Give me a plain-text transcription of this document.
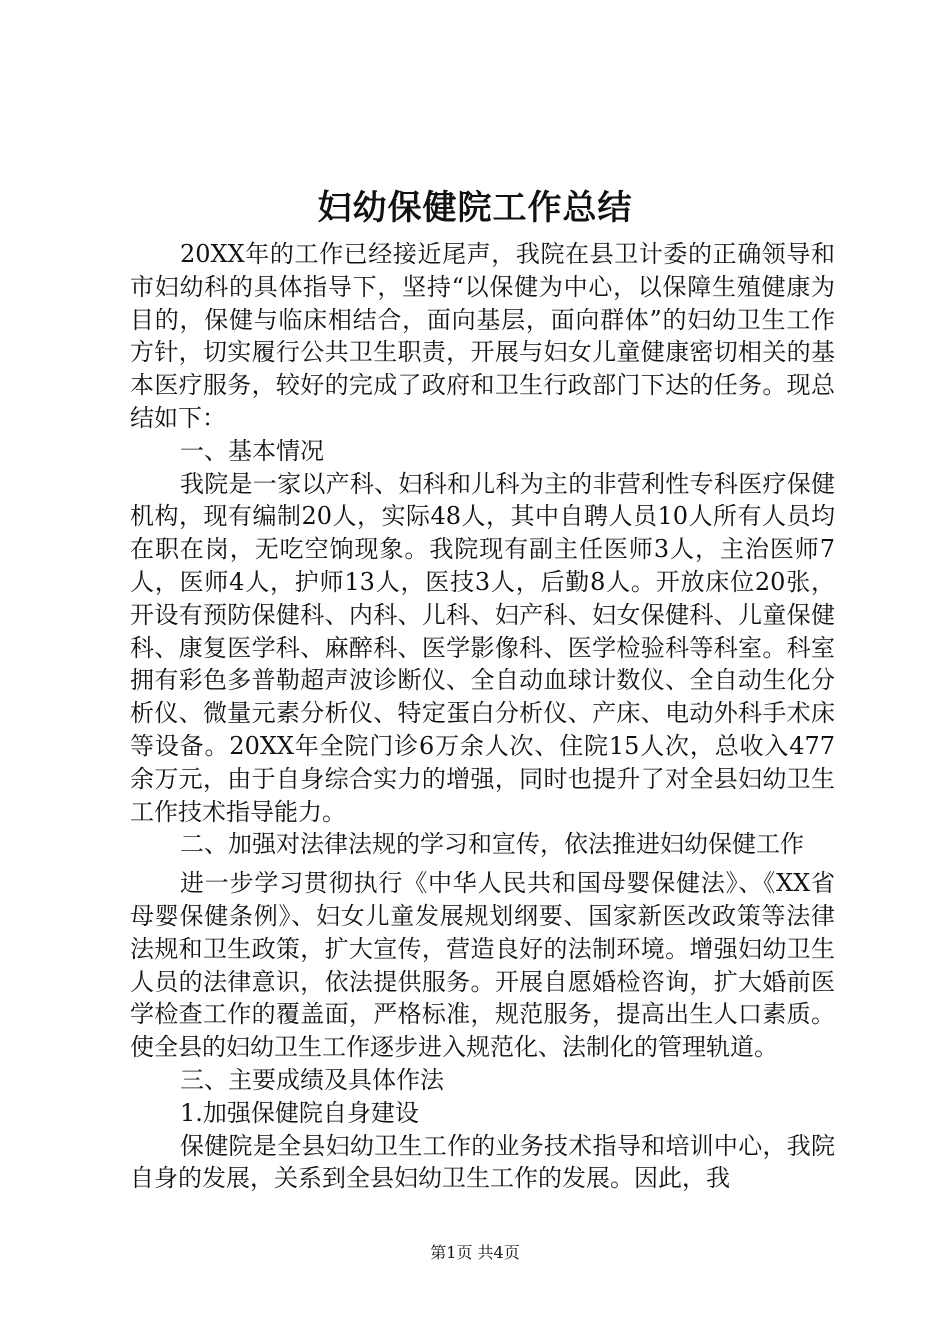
妇幼保健院工作总结

20XX年的工作已经接近尾声，我院在县卫计委的正确领导和市妇幼科的具体指导下，坚持“以保健为中心，以保障生殖健康为目的，保健与临床相结合，面向基层，面向群体”的妇幼卫生工作方针，切实履行公共卫生职责，开展与妇女儿童健康密切相关的基本医疗服务，较好的完成了政府和卫生行政部门下达的任务。现总结如下：

一、基本情况

我院是一家以产科、妇科和儿科为主的非营利性专科医疗保健机构，现有编制20人，实际48人，其中自聘人员10人所有人员均在职在岗，无吃空饷现象。我院现有副主任医师3人，主治医师7人，医师4人，护师13人，医技3人，后勤8人。开放床位20张，开设有预防保健科、内科、儿科、妇产科、妇女保健科、儿童保健科、康复医学科、麻醉科、医学影像科、医学检验科等科室。科室拥有彩色多普勒超声波诊断仪、全自动血球计数仪、全自动生化分析仪、微量元素分析仪、特定蛋白分析仪、产床、电动外科手术床等设备。20XX年全院门诊6万余人次、住院15人次，总收入477余万元，由于自身综合实力的增强，同时也提升了对全县妇幼卫生工作技术指导能力。

二、加强对法律法规的学习和宣传，依法推进妇幼保健工作

进一步学习贯彻执行《中华人民共和国母婴保健法》、《XX省母婴保健条例》、妇女儿童发展规划纲要、国家新医改政策等法律法规和卫生政策，扩大宣传，营造良好的法制环境。增强妇幼卫生人员的法律意识，依法提供服务。开展自愿婚检咨询，扩大婚前医学检查工作的覆盖面，严格标准，规范服务，提高出生人口素质。使全县的妇幼卫生工作逐步进入规范化、法制化的管理轨道。

三、主要成绩及具体作法

1.加强保健院自身建设

保健院是全县妇幼卫生工作的业务技术指导和培训中心，我院自身的发展，关系到全县妇幼卫生工作的发展。因此，我

第1页 共4页
